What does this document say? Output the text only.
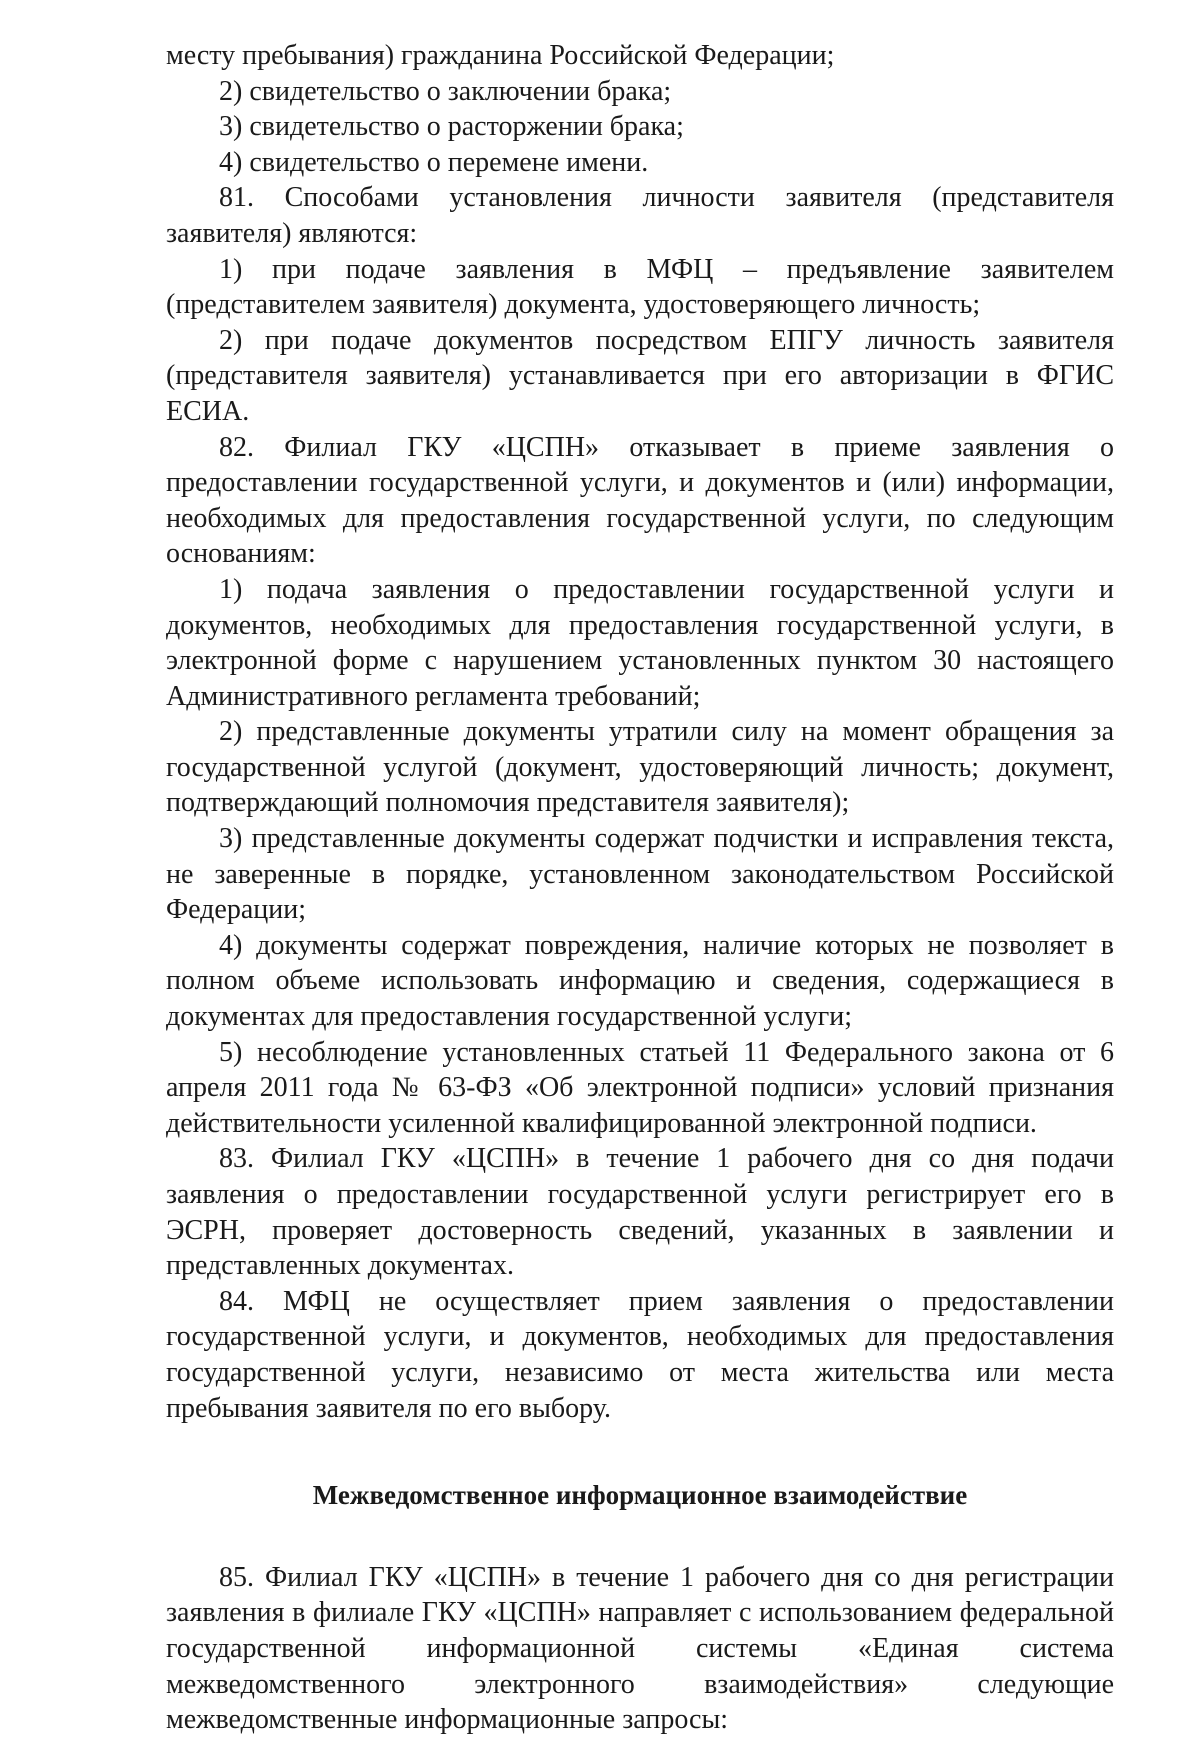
месту пребывания) гражданина Российской Федерации;

2) свидетельство о заключении брака;

3) свидетельство о расторжении брака;

4) свидетельство о перемене имени.

81. Способами установления личности заявителя (представителя заявителя) являются:

1) при подаче заявления в МФЦ – предъявление заявителем (представителем заявителя) документа, удостоверяющего личность;

2) при подаче документов посредством ЕПГУ личность заявителя (представителя заявителя) устанавливается при его авторизации в ФГИС ЕСИА.

82. Филиал ГКУ «ЦСПН» отказывает в приеме заявления о предоставлении государственной услуги, и документов и (или) информации, необходимых для предоставления государственной услуги, по следующим основаниям:

1) подача заявления о предоставлении государственной услуги и документов, необходимых для предоставления государственной услуги, в электронной форме с нарушением установленных пунктом 30 настоящего Административного регламента требований;

2) представленные документы утратили силу на момент обращения за государственной услугой (документ, удостоверяющий личность; документ, подтверждающий полномочия представителя заявителя);

3) представленные документы содержат подчистки и исправления текста, не заверенные в порядке, установленном законодательством Российской Федерации;

4) документы содержат повреждения, наличие которых не позволяет в полном объеме использовать информацию и сведения, содержащиеся в документах для предоставления государственной услуги;

5) несоблюдение установленных статьей 11 Федерального закона от 6 апреля 2011 года № 63-ФЗ «Об электронной подписи» условий признания действительности усиленной квалифицированной электронной подписи.

83. Филиал ГКУ «ЦСПН» в течение 1 рабочего дня со дня подачи заявления о предоставлении государственной услуги регистрирует его в ЭСРН, проверяет достоверность сведений, указанных в заявлении и представленных документах.

84. МФЦ не осуществляет прием заявления о предоставлении государственной услуги, и документов, необходимых для предоставления государственной услуги, независимо от места жительства или места пребывания заявителя по его выбору.

Межведомственное информационное взаимодействие

85. Филиал ГКУ «ЦСПН» в течение 1 рабочего дня со дня регистрации заявления в филиале ГКУ «ЦСПН» направляет с использованием федеральной государственной информационной системы «Единая система межведомственного электронного взаимодействия» следующие межведомственные информационные запросы:
